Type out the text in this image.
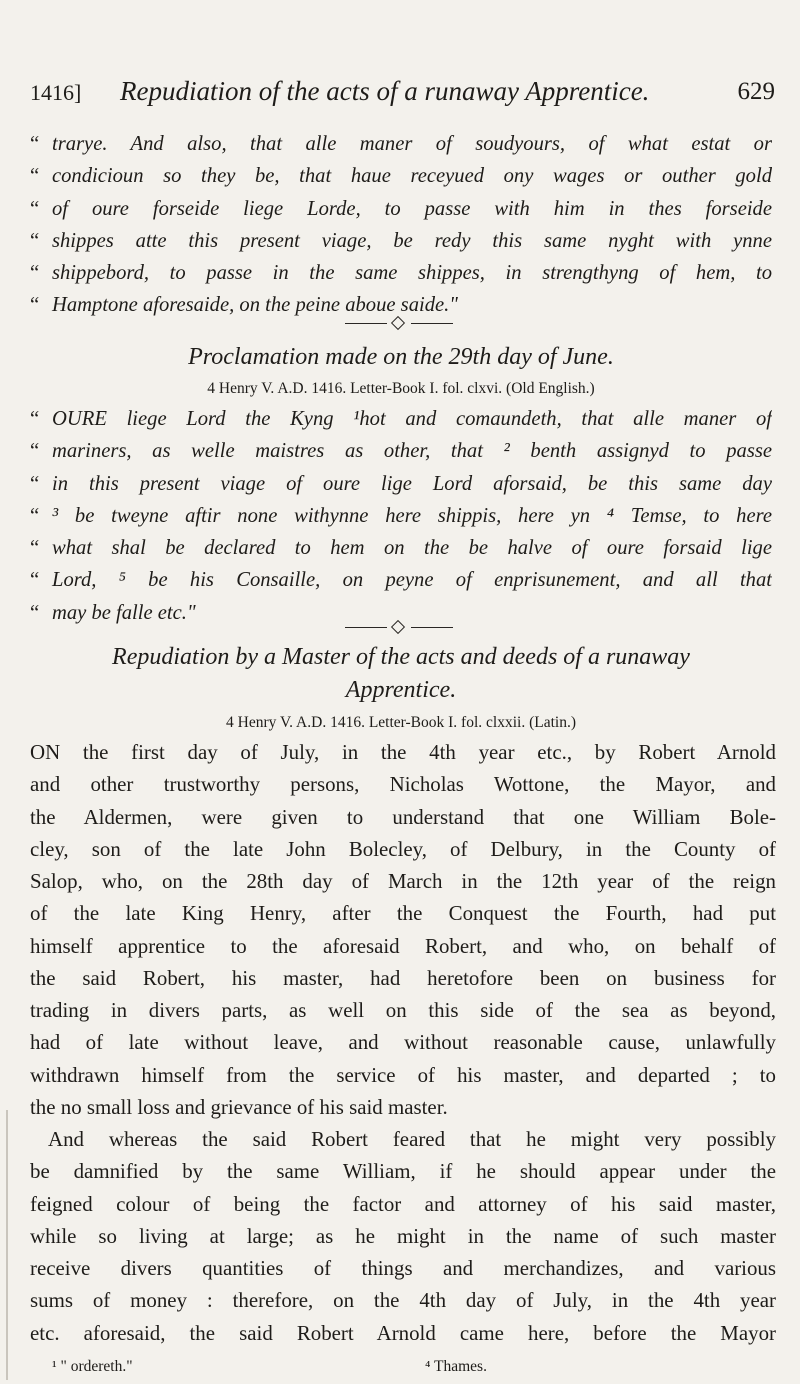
1416] Repudiation of the acts of a runaway Apprentice.	629
“ trarye. And also, that alle maner of soudyours, of what estat or
“ condicioun so they be, that haue receyued ony wages or outher gold
“ of oure forseide liege Lorde, to passe with him in thes forseide
“ shippes atte this present viage, be redy this same nyght with ynne
“ shippebord, to passe in the same shippes, in strengthyng of hem, to
“ Hamptone aforesaide, on the peine aboue saide."
Proclamation made on the 29th day of June.
4 Henry V. A.D. 1416. Letter-Book I. fol. clxvi. (Old English.)
“ OURE liege Lord the Kyng ¹hot and comaundeth, that alle maner of
“ mariners, as welle maistres as other, that ² benth assignyd to passe
“ in this present viage of oure lige Lord aforsaid, be this same day
“ ³ be tweyne aftir none withynne here shippis, here yn ⁴ Temse, to here
“ what shal be declared to hem on the be halve of oure forsaid lige
“ Lord, ⁵ be his Consaille, on peyne of enprisunement, and all that
“ may be falle etc."
Repudiation by a Master of the acts and deeds of a runaway
Apprentice.
4 Henry V. A.D. 1416. Letter-Book I. fol. clxxii. (Latin.)
ON the first day of July, in the 4th year etc., by Robert Arnold
and other trustworthy persons, Nicholas Wottone, the Mayor, and
the Aldermen, were given to understand that one William Bole-
cley, son of the late John Bolecley, of Delbury, in the County of
Salop, who, on the 28th day of March in the 12th year of the reign
of the late King Henry, after the Conquest the Fourth, had put
himself apprentice to the aforesaid Robert, and who, on behalf of
the said Robert, his master, had heretofore been on business for
trading in divers parts, as well on this side of the sea as beyond,
had of late without leave, and without reasonable cause, unlawfully
withdrawn himself from the service of his master, and departed ; to
the no small loss and grievance of his said master.
And whereas the said Robert feared that he might very possibly
be damnified by the same William, if he should appear under the
feigned colour of being the factor and attorney of his said master,
while so living at large; as he might in the name of such master
receive divers quantities of things and merchandizes, and various
sums of money : therefore, on the 4th day of July, in the 4th year
etc. aforesaid, the said Robert Arnold came here, before the Mayor
¹ " ordereth."	⁴ Thames.
